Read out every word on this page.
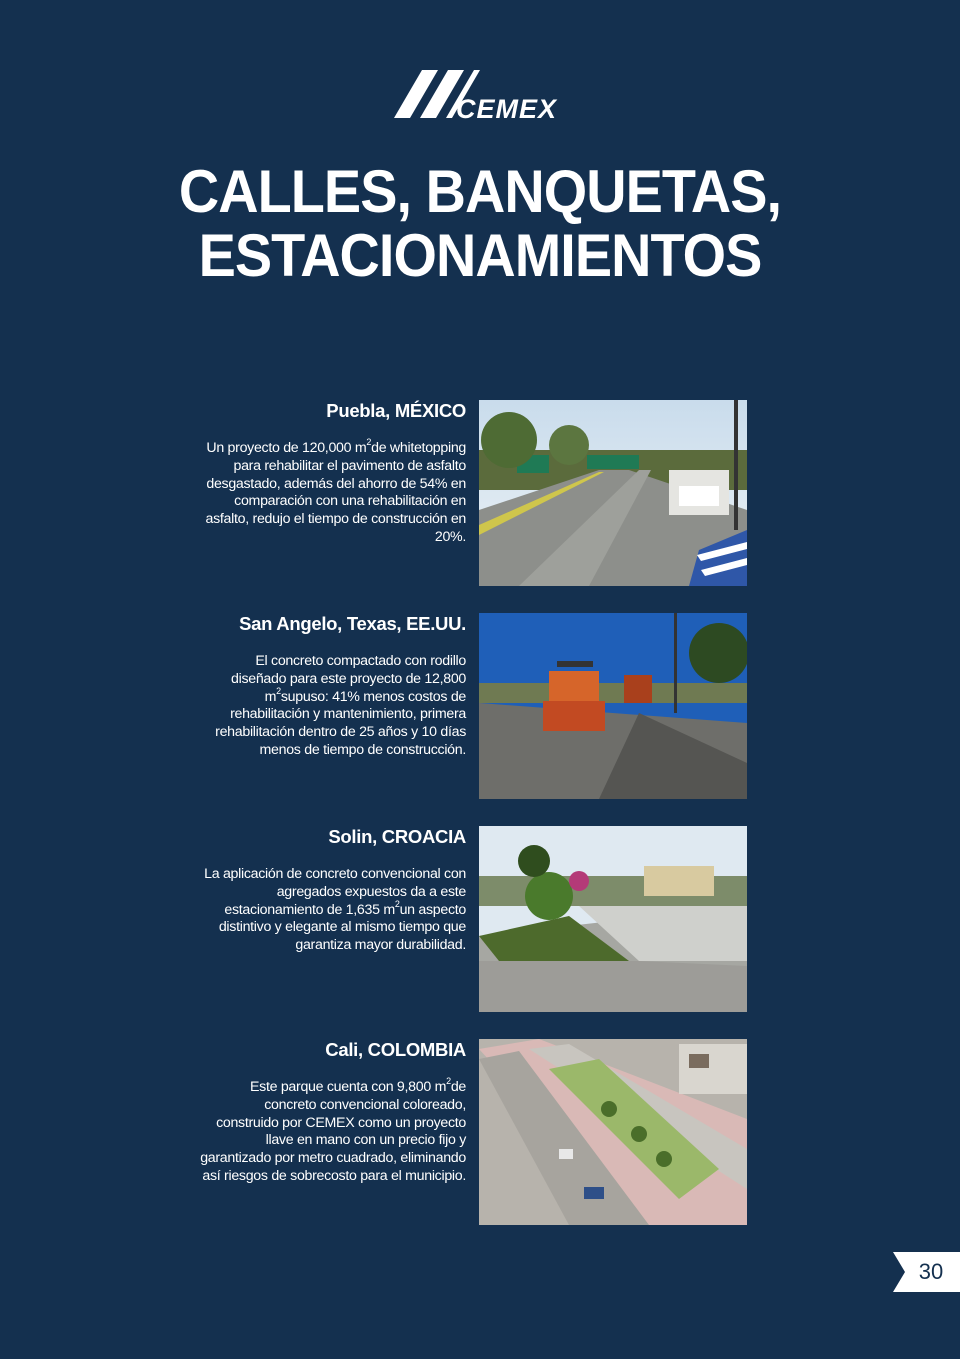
CEMEX
CALLES, BANQUETAS,
ESTACIONAMIENTOS
Puebla, MÉXICO

Un proyecto de 120,000 $m^2de$ whitetopping para rehabilitar el pavimento de asfalto desgastado, además del ahorro de 54% en comparación con una rehabilitación en asfalto, redujo el tiempo de construcción en 20%.

San Angelo, Texas, EE.UU.

El concreto compactado con rodillo diseñado para este proyecto de 12,800 $m^2supuso$: 41% menos costos de rehabilitación y mantenimiento, primera rehabilitación dentro de 25 años y 10 días menos de tiempo de construcción.

Solin, CROACIA

La aplicación de concreto convencional con agregados expuestos da a este estacionamiento de 1,635 $m^2un$ aspecto distintivo y elegante al mismo tiempo que garantiza mayor durabilidad.

Cali, COLOMBIA

Este parque cuenta con 9,800 $m^2de$ concreto convencional coloreado, construido por CEMEX como un proyecto llave en mano con un precio fijo y garantizado por metro cuadrado, eliminando así riesgos de sobrecosto para el municipio.

30
